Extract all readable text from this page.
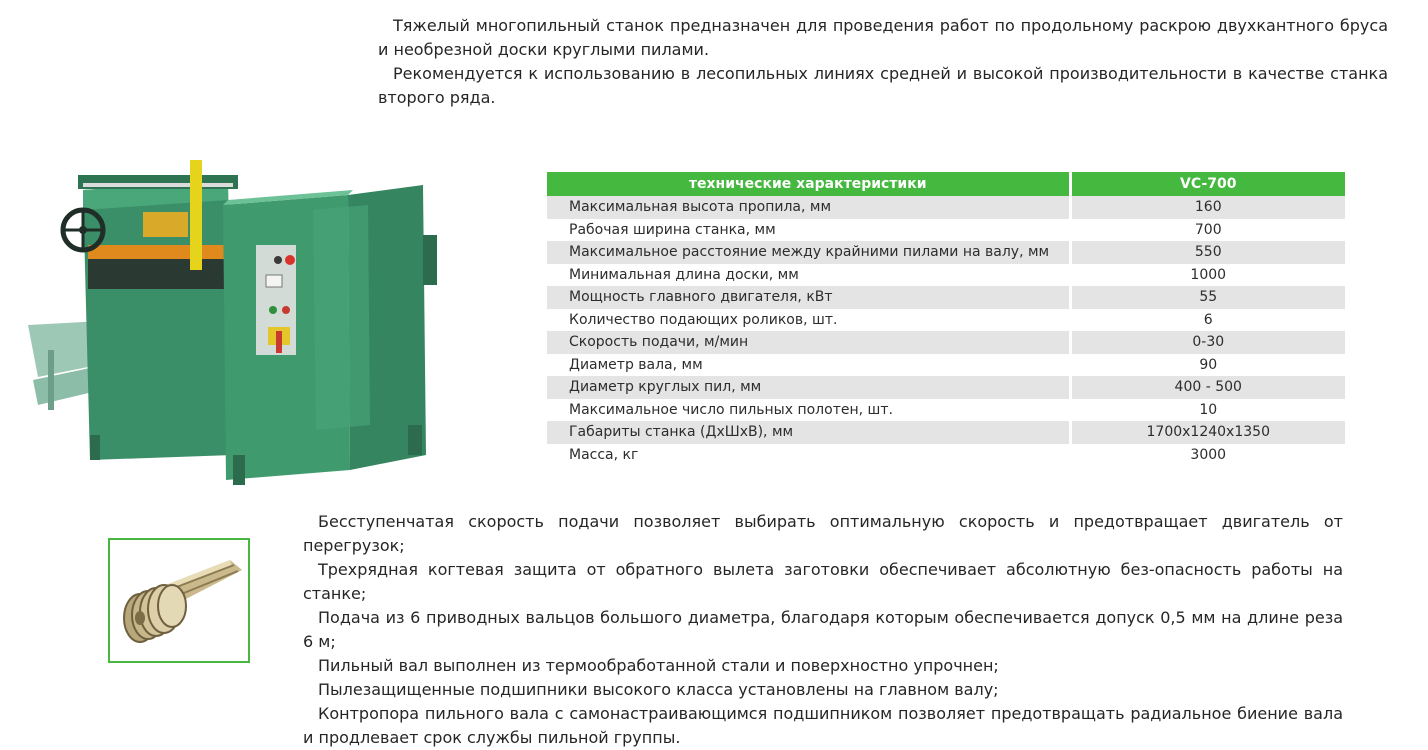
Тяжелый многопильный станок предназначен для проведения работ по продольному раскрою двухкантного бруса и необрезной доски круглыми пилами.

Рекомендуется к использованию в лесопильных линиях средней и высокой производительности в качестве станка второго ряда.

технические характеристики	VC-700
Максимальная высота пропила, мм	160
Рабочая ширина станка, мм	700
Максимальное расстояние между крайними пилами на валу, мм	550
Минимальная длина доски, мм	1000
Мощность главного двигателя, кВт	55
Количество подающих роликов, шт.	6
Скорость подачи, м/мин	0-30
Диаметр вала, мм	90
Диаметр круглых пил, мм	400 - 500
Максимальное число пильных полотен, шт.	10
Габариты станка (ДхШхВ), мм	1700x1240x1350
Масса, кг	3000

Бесступенчатая скорость подачи позволяет выбирать оптимальную скорость и предотвращает двигатель от перегрузок;

Трехрядная когтевая защита от обратного вылета заготовки обеспечивает абсолютную без-опасность работы на станке;

Подача из 6 приводных вальцов большого диаметра, благодаря которым обеспечивается допуск 0,5 мм на длине реза 6 м;

Пильный вал выполнен из термообработанной стали и поверхностно упрочнен;

Пылезащищенные подшипники высокого класса установлены на главном валу;

Контропора пильного вала с самонастраивающимся подшипником позволяет предотвращать радиальное биение вала и продлевает срок службы пильной группы.
